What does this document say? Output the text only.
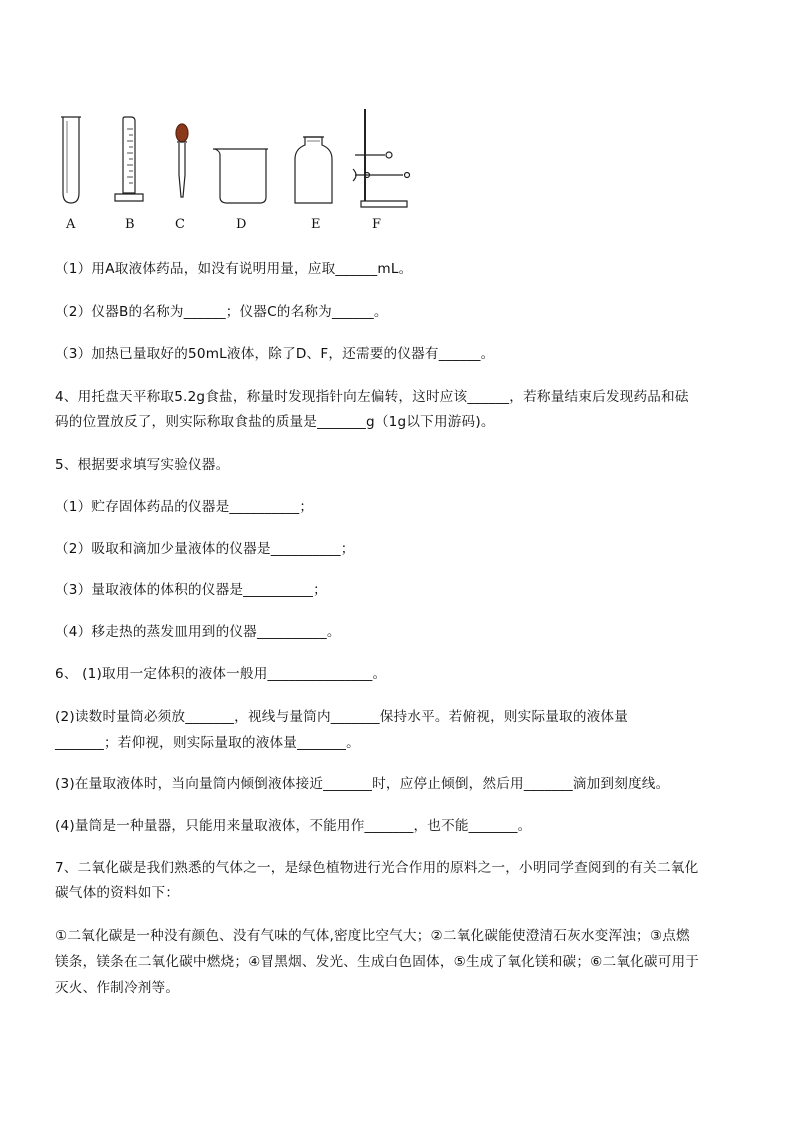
A	B	C	D	E	F
（1）用A取液体药品，如没有说明用量，应取______mL。
（2）仪器B的名称为______；仪器C的名称为______。
（3）加热已量取好的50mL液体，除了D、F，还需要的仪器有______。
4、用托盘天平称取5.2g食盐，称量时发现指针向左偏转，这时应该______，若称量结束后发现药品和砝
码的位置放反了，则实际称取食盐的质量是_______g（1g以下用游码)。
5、根据要求填写实验仪器。
（1）贮存固体药品的仪器是__________；
（2）吸取和滴加少量液体的仪器是__________；
（3）量取液体的体积的仪器是__________；
（4）移走热的蒸发皿用到的仪器__________。
6、 (1)取用一定体积的液体一般用_______________。
(2)读数时量筒必须放_______，视线与量筒内_______保持水平。若俯视，则实际量取的液体量
_______；若仰视，则实际量取的液体量_______。
(3)在量取液体时，当向量筒内倾倒液体接近_______时，应停止倾倒，然后用_______滴加到刻度线。
(4)量筒是一种量器，只能用来量取液体，不能用作_______，也不能_______。
7、二氧化碳是我们熟悉的气体之一，是绿色植物进行光合作用的原料之一，小明同学查阅到的有关二氧化
碳气体的资料如下：
①二氧化碳是一种没有颜色、没有气味的气体,密度比空气大；②二氧化碳能使澄清石灰水变浑浊；③点燃
镁条，镁条在二氧化碳中燃烧；④冒黑烟、发光、生成白色固体，⑤生成了氧化镁和碳；⑥二氧化碳可用于
灭火、作制冷剂等。
